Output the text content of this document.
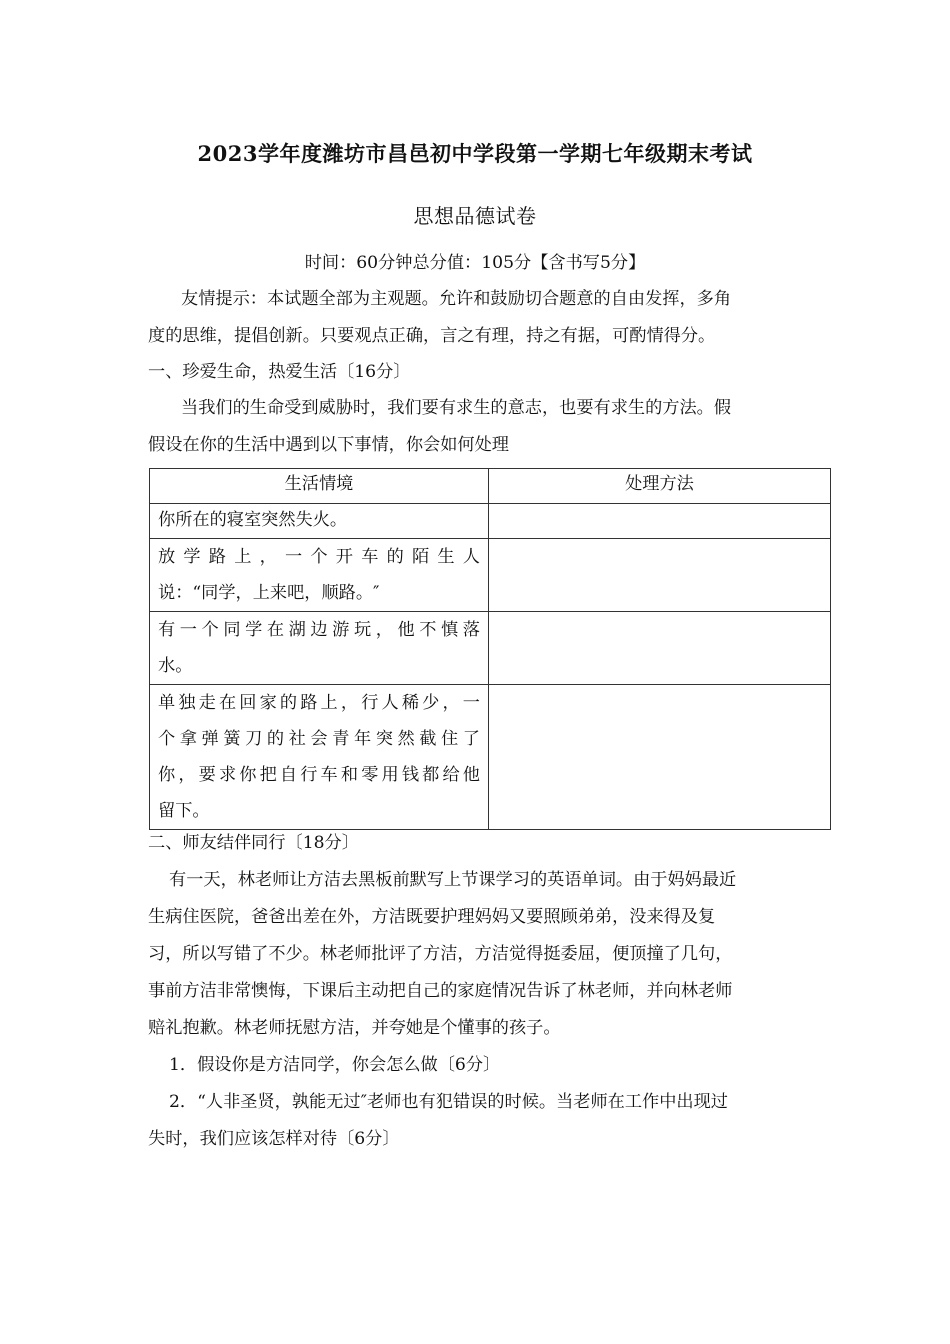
2023学年度潍坊市昌邑初中学段第一学期七年级期末考试
思想品德试卷
时间：60分钟总分值：105分【含书写5分】
友情提示：本试题全部为主观题。允许和鼓励切合题意的自由发挥，多角
度的思维，提倡创新。只要观点正确，言之有理，持之有据，可酌情得分。
一、珍爱生命，热爱生活〔16分〕
当我们的生命受到威胁时，我们要有求生的意志，也要有求生的方法。假
假设在你的生活中遇到以下事情，你会如何处理
生活情境	处理方法

你所在的寝室突然失火。	

放学路上，一个开车的陌生人
说：“同学，上来吧，顺路。″	

有一个同学在湖边游玩，他不慎落
水。	

单独走在回家的路上，行人稀少，一
个拿弹簧刀的社会青年突然截住了
你，要求你把自行车和零用钱都给他
留下。	

二、师友结伴同行〔18分〕
有一天，林老师让方洁去黑板前默写上节课学习的英语单词。由于妈妈最近
生病住医院，爸爸出差在外，方洁既要护理妈妈又要照顾弟弟，没来得及复
习，所以写错了不少。林老师批评了方洁，方洁觉得挺委屈，便顶撞了几句，
事前方洁非常懊悔，下课后主动把自己的家庭情况告诉了林老师，并向林老师
赔礼抱歉。林老师抚慰方洁，并夸她是个懂事的孩子。
1．假设你是方洁同学，你会怎么做〔6分〕
2．“人非圣贤，孰能无过″老师也有犯错误的时候。当老师在工作中出现过
失时，我们应该怎样对待〔6分〕
